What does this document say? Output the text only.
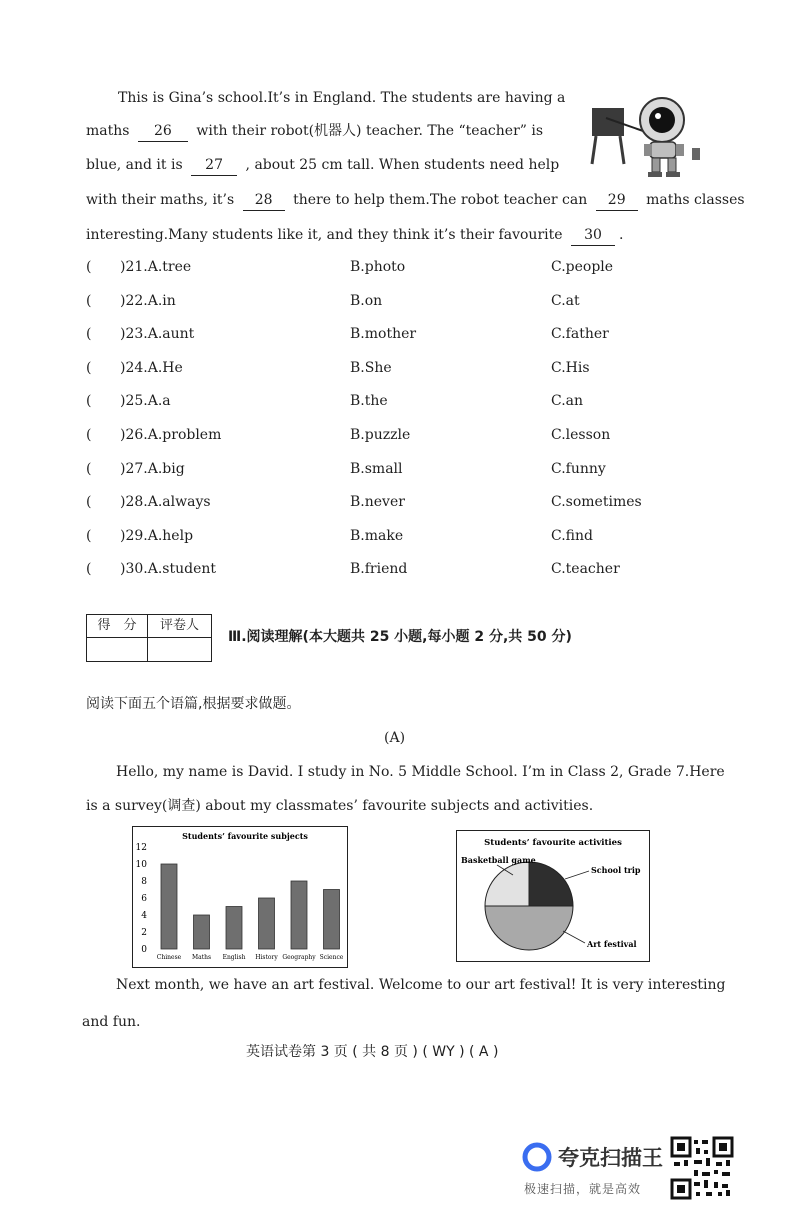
This is Gina’s school.It’s in England. The students are having a
maths 26 with their robot(机器人) teacher. The “teacher” is
blue, and it is 27 , about 25 cm tall. When students need help
with their maths, it’s 28 there to help them.The robot teacher can 29 maths classes
interesting.Many students like it, and they think it’s their favourite 30 .
( )21.A.tree	B.photo	C.people
( )22.A.in	B.on	C.at
( )23.A.aunt	B.mother	C.father
( )24.A.He	B.She	C.His
( )25.A.a	B.the	C.an
( )26.A.problem	B.puzzle	C.lesson
( )27.A.big	B.small	C.funny
( )28.A.always	B.never	C.sometimes
( )29.A.help	B.make	C.find
( )30.A.student	B.friend	C.teacher
得　分	评卷人
Ⅲ.阅读理解(本大题共 25 小题,每小题 2 分,共 50 分)
阅读下面五个语篇,根据要求做题。
(A)
Hello, my name is David. I study in No. 5 Middle School. I’m in Class 2, Grade 7.Here
is a survey(调查) about my classmates’ favourite subjects and activities.
Students’ favourite subjects
0
2
4
6
8
10
12
Chinese Maths English History Geography Science
Students’ favourite activities
School trip
Art festival
Basketball game
Next month, we have an art festival. Welcome to our art festival! It is very interesting
and fun.
英语试卷第 3 页 ( 共 8 页 ) ( WY ) ( A )
夸克扫描王
极速扫描，就是高效
